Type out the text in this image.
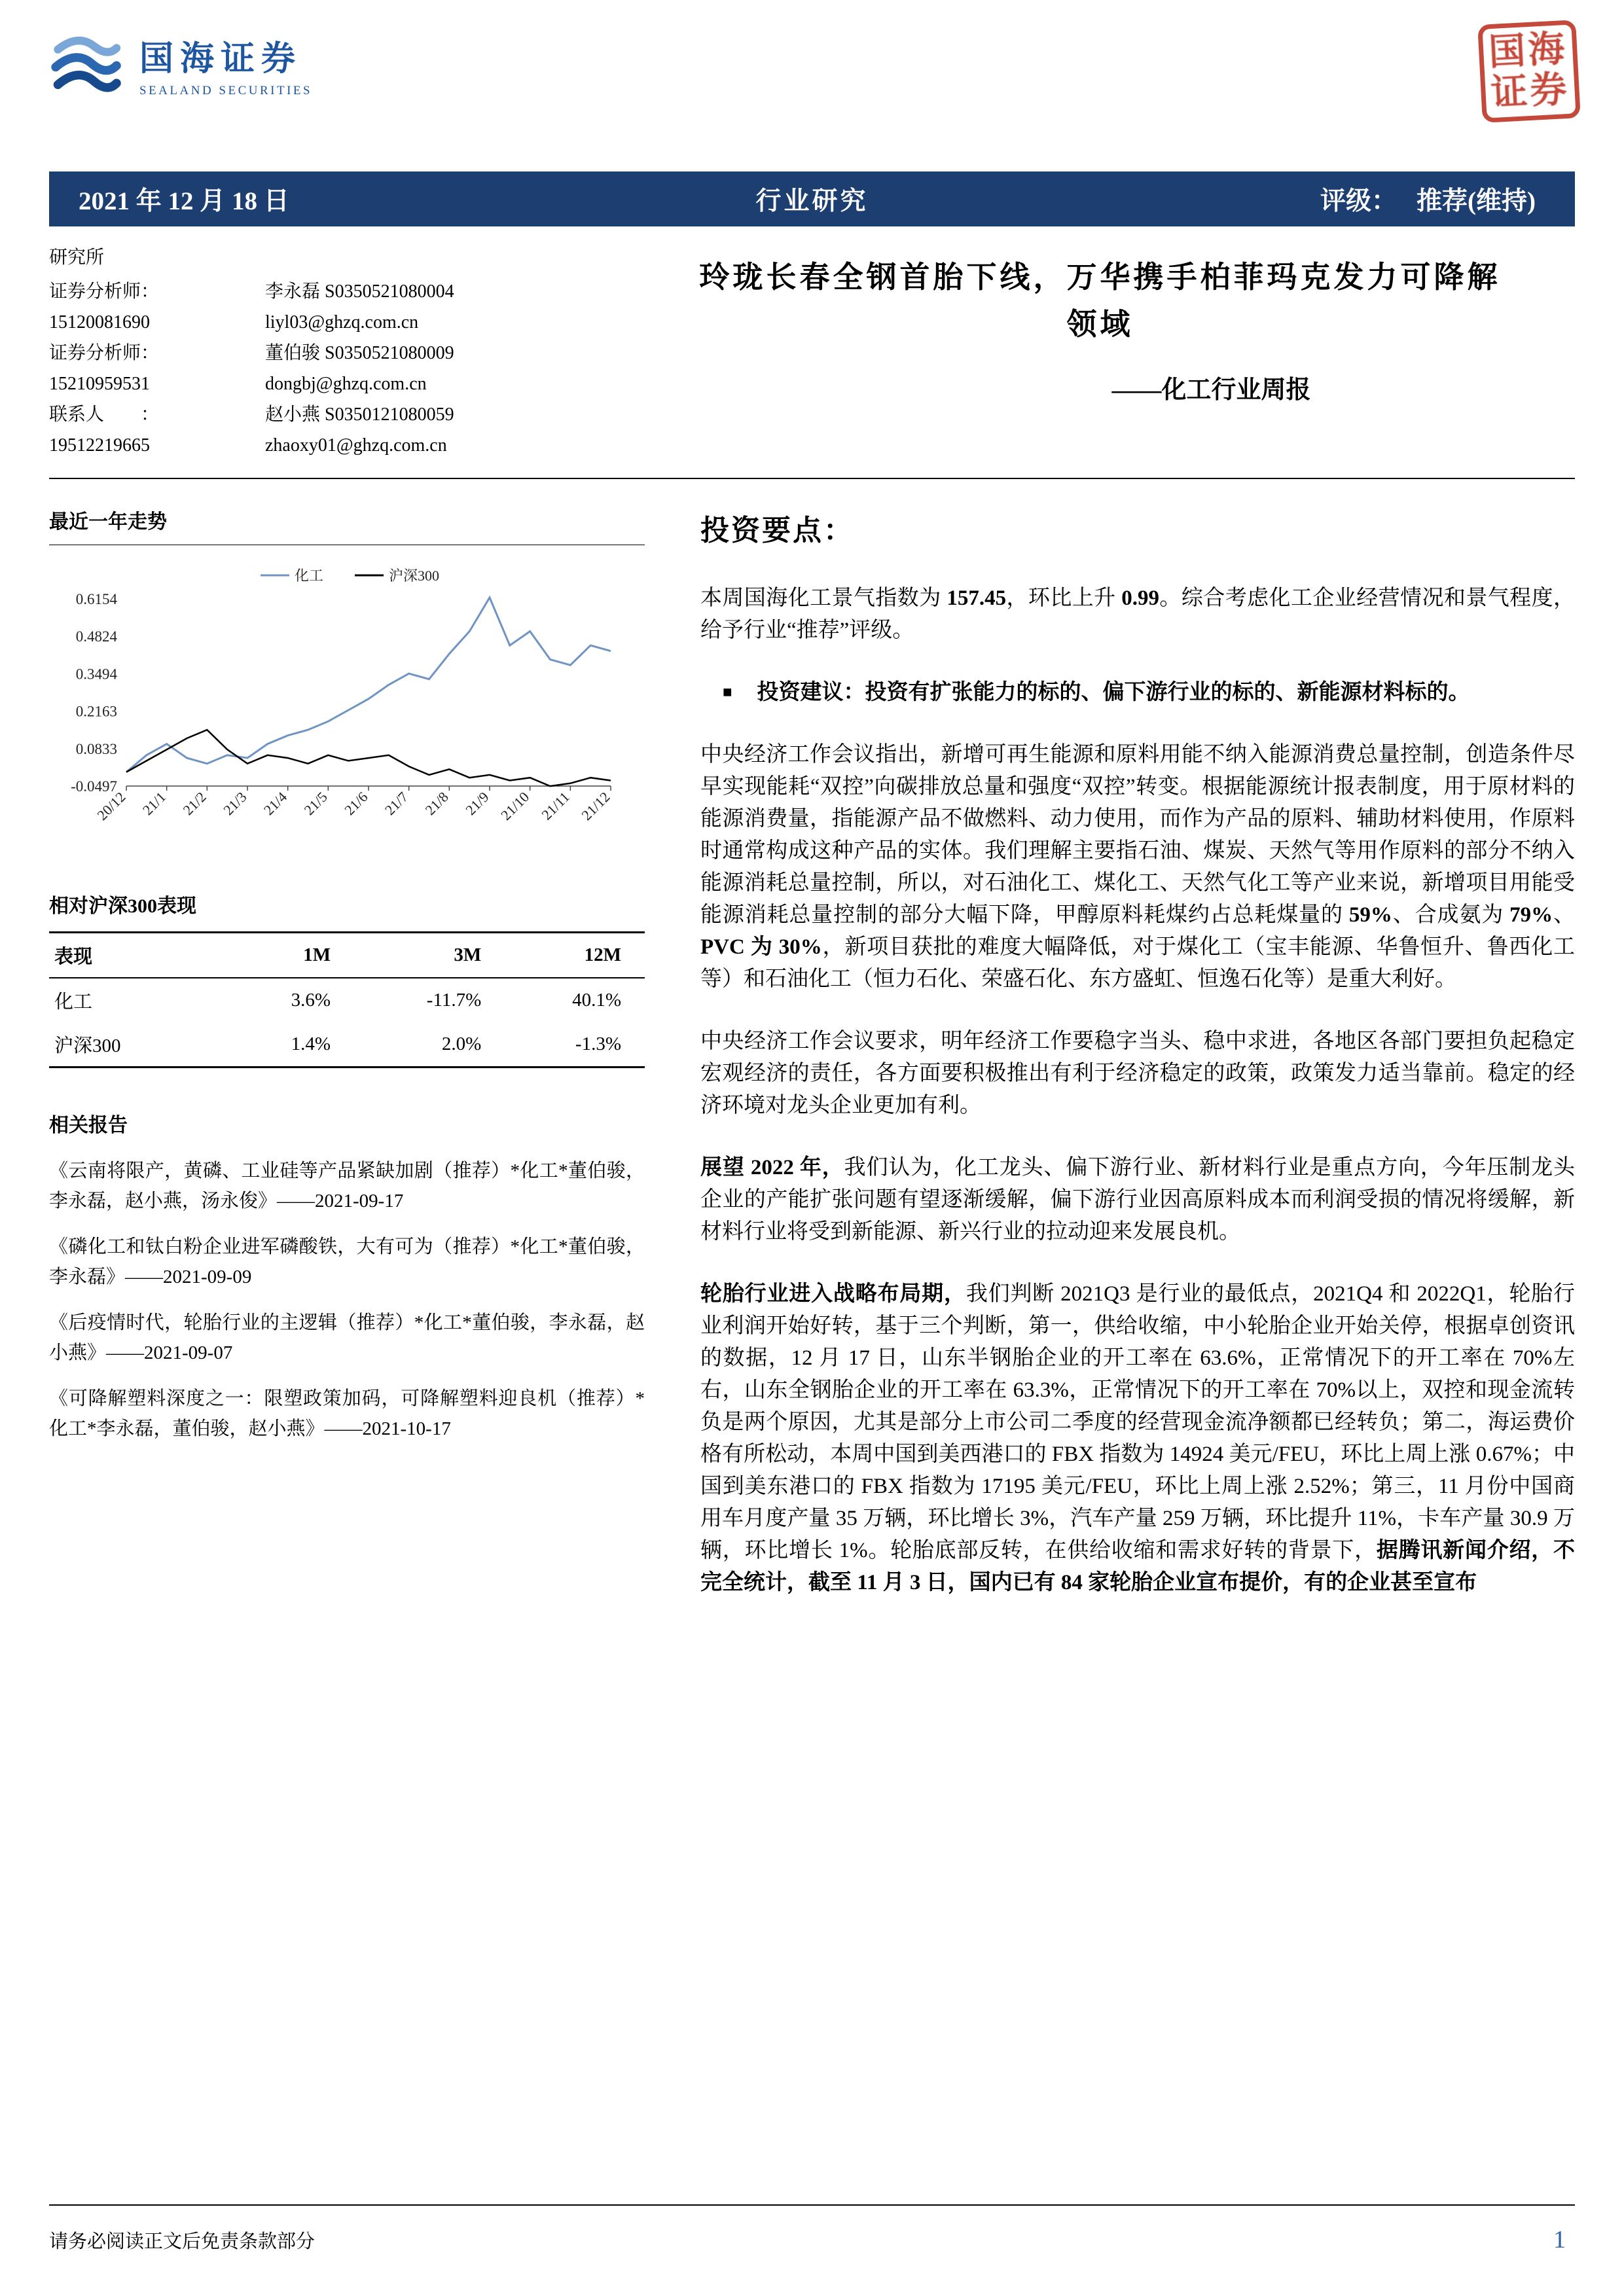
国海证券
SEALAND SECURITIES
国海证券
2021 年 12 月 18 日	行业研究	评级： 推荐(维持)
研究所
证券分析师：	李永磊 S0350521080004
15120081690	liyl03@ghzq.com.cn
证券分析师：	董伯骏 S0350521080009
15210959531	dongbj@ghzq.com.cn
联系人　　：	赵小燕 S0350121080059
19512219665	zhaoxy01@ghzq.com.cn
玲珑长春全钢首胎下线，万华携手柏菲玛克发力可降解领域
——化工行业周报
最近一年走势
0.6154
0.4824
0.3494
0.2163
0.0833
-0.0497
20/12 21/1 21/2 21/3 21/4 21/5 21/6 21/7 21/8 21/9 21/10 21/11 21/12
化工	沪深300
相对沪深300表现
表现	1M	3M	12M
化工	3.6%	-11.7%	40.1%
沪深300	1.4%	2.0%	-1.3%
相关报告

《云南将限产，黄磷、工业硅等产品紧缺加剧（推荐）*化工*董伯骏，李永磊，赵小燕，汤永俊》——2021-09-17

《磷化工和钛白粉企业进军磷酸铁，大有可为（推荐）*化工*董伯骏，李永磊》——2021-09-09

《后疫情时代，轮胎行业的主逻辑（推荐）*化工*董伯骏，李永磊，赵小燕》——2021-09-07

《可降解塑料深度之一：限塑政策加码，可降解塑料迎良机（推荐）*化工*李永磊，董伯骏，赵小燕》——2021-10-17

投资要点：

本周国海化工景气指数为 157.45，环比上升 0.99。综合考虑化工企业经营情况和景气程度，给予行业“推荐”评级。

■ 投资建议：投资有扩张能力的标的、偏下游行业的标的、新能源材料标的。

中央经济工作会议指出，新增可再生能源和原料用能不纳入能源消费总量控制，创造条件尽早实现能耗“双控”向碳排放总量和强度“双控”转变。根据能源统计报表制度，用于原材料的能源消费量，指能源产品不做燃料、动力使用，而作为产品的原料、辅助材料使用，作原料时通常构成这种产品的实体。我们理解主要指石油、煤炭、天然气等用作原料的部分不纳入能源消耗总量控制，所以，对石油化工、煤化工、天然气化工等产业来说，新增项目用能受能源消耗总量控制的部分大幅下降，甲醇原料耗煤约占总耗煤量的 59%、合成氨为 79%、PVC 为 30%，新项目获批的难度大幅降低，对于煤化工（宝丰能源、华鲁恒升、鲁西化工等）和石油化工（恒力石化、荣盛石化、东方盛虹、恒逸石化等）是重大利好。

中央经济工作会议要求，明年经济工作要稳字当头、稳中求进，各地区各部门要担负起稳定宏观经济的责任，各方面要积极推出有利于经济稳定的政策，政策发力适当靠前。稳定的经济环境对龙头企业更加有利。

展望 2022 年，我们认为，化工龙头、偏下游行业、新材料行业是重点方向，今年压制龙头企业的产能扩张问题有望逐渐缓解，偏下游行业因高原料成本而利润受损的情况将缓解，新材料行业将受到新能源、新兴行业的拉动迎来发展良机。

轮胎行业进入战略布局期，我们判断 2021Q3 是行业的最低点，2021Q4 和 2022Q1，轮胎行业利润开始好转，基于三个判断，第一，供给收缩，中小轮胎企业开始关停，根据卓创资讯的数据，12 月 17 日，山东半钢胎企业的开工率在 63.6%，正常情况下的开工率在 70%左右，山东全钢胎企业的开工率在 63.3%，正常情况下的开工率在 70%以上，双控和现金流转负是两个原因，尤其是部分上市公司二季度的经营现金流净额都已经转负；第二，海运费价格有所松动，本周中国到美西港口的 FBX 指数为 14924 美元/FEU，环比上周上涨 0.67%；中国到美东港口的 FBX 指数为 17195 美元/FEU，环比上周上涨 2.52%；第三，11 月份中国商用车月度产量 35 万辆，环比增长 3%，汽车产量 259 万辆，环比提升 11%，卡车产量 30.9 万辆，环比增长 1%。轮胎底部反转，在供给收缩和需求好转的背景下，据腾讯新闻介绍，不完全统计，截至 11 月 3 日，国内已有 84 家轮胎企业宣布提价，有的企业甚至宣布

请务必阅读正文后免责条款部分	1
